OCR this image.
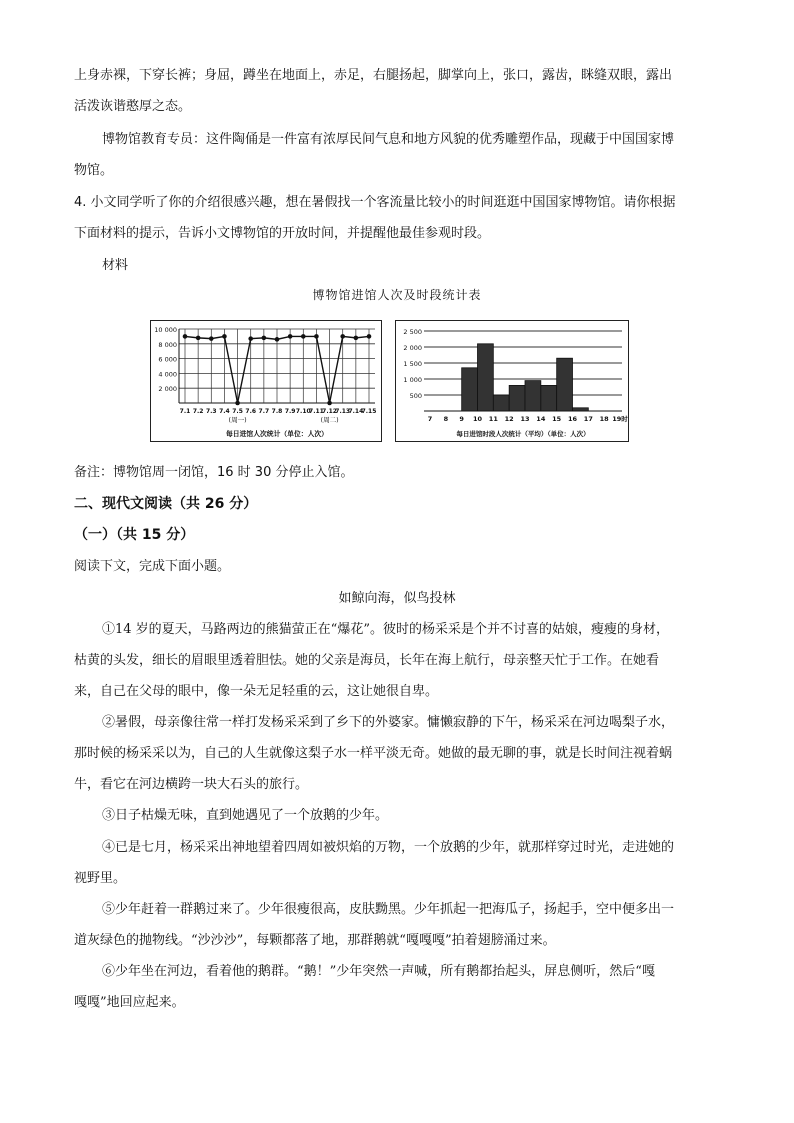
上身赤裸，下穿长裤；身屈，蹲坐在地面上，赤足，右腿扬起，脚掌向上，张口，露齿，眯缝双眼，露出
活泼诙谐憨厚之态。
博物馆教育专员：这件陶俑是一件富有浓厚民间气息和地方风貌的优秀雕塑作品，现藏于中国国家博
物馆。
4. 小文同学听了你的介绍很感兴趣，想在暑假找一个客流量比较小的时间逛逛中国国家博物馆。请你根据
下面材料的提示，告诉小文博物馆的开放时间，并提醒他最佳参观时段。
材料
博物馆进馆人次及时段统计表
10 000
8 000
6 000
4 000
2 000
7.1 7.2 7.3 7.4 7.5 7.6 7.7 7.8 7.9 7.10
7.11
7.12
7.13
7.14
7.15
(周一)	(周二)
每日进馆人次统计（单位：人次）
2 500
2 000
1 500
1 000
500
7 8 9 10 11 12 13 14 15 16 17 18 19时
每日进馆时段人次统计（平均）（单位：人次）
备注：博物馆周一闭馆，16 时 30 分停止入馆。
二、现代文阅读（共 26 分）
（一）（共 15 分）
阅读下文，完成下面小题。
如鲸向海，似鸟投林
①14 岁的夏天，马路两边的熊猫萤正在“爆花”。彼时的杨采采是个并不讨喜的姑娘，瘦瘦的身材，
枯黄的头发，细长的眉眼里透着胆怯。她的父亲是海员，长年在海上航行，母亲整天忙于工作。在她看
来，自己在父母的眼中，像一朵无足轻重的云，这让她很自卑。
②暑假，母亲像往常一样打发杨采采到了乡下的外婆家。慵懒寂静的下午，杨采采在河边喝梨子水，
那时候的杨采采以为，自己的人生就像这梨子水一样平淡无奇。她做的最无聊的事，就是长时间注视着蜗
牛，看它在河边横跨一块大石头的旅行。
③日子枯燥无味，直到她遇见了一个放鹅的少年。
④已是七月，杨采采出神地望着四周如被炽焰的万物，一个放鹅的少年，就那样穿过时光，走进她的
视野里。
⑤少年赶着一群鹅过来了。少年很瘦很高，皮肤黝黑。少年抓起一把海瓜子，扬起手，空中便多出一
道灰绿色的抛物线。“沙沙沙”，每颗都落了地，那群鹅就“嘎嘎嘎”拍着翅膀涌过来。
⑥少年坐在河边，看着他的鹅群。“鹅！”少年突然一声喊，所有鹅都抬起头，屏息侧听，然后“嘎
嘎嘎”地回应起来。
